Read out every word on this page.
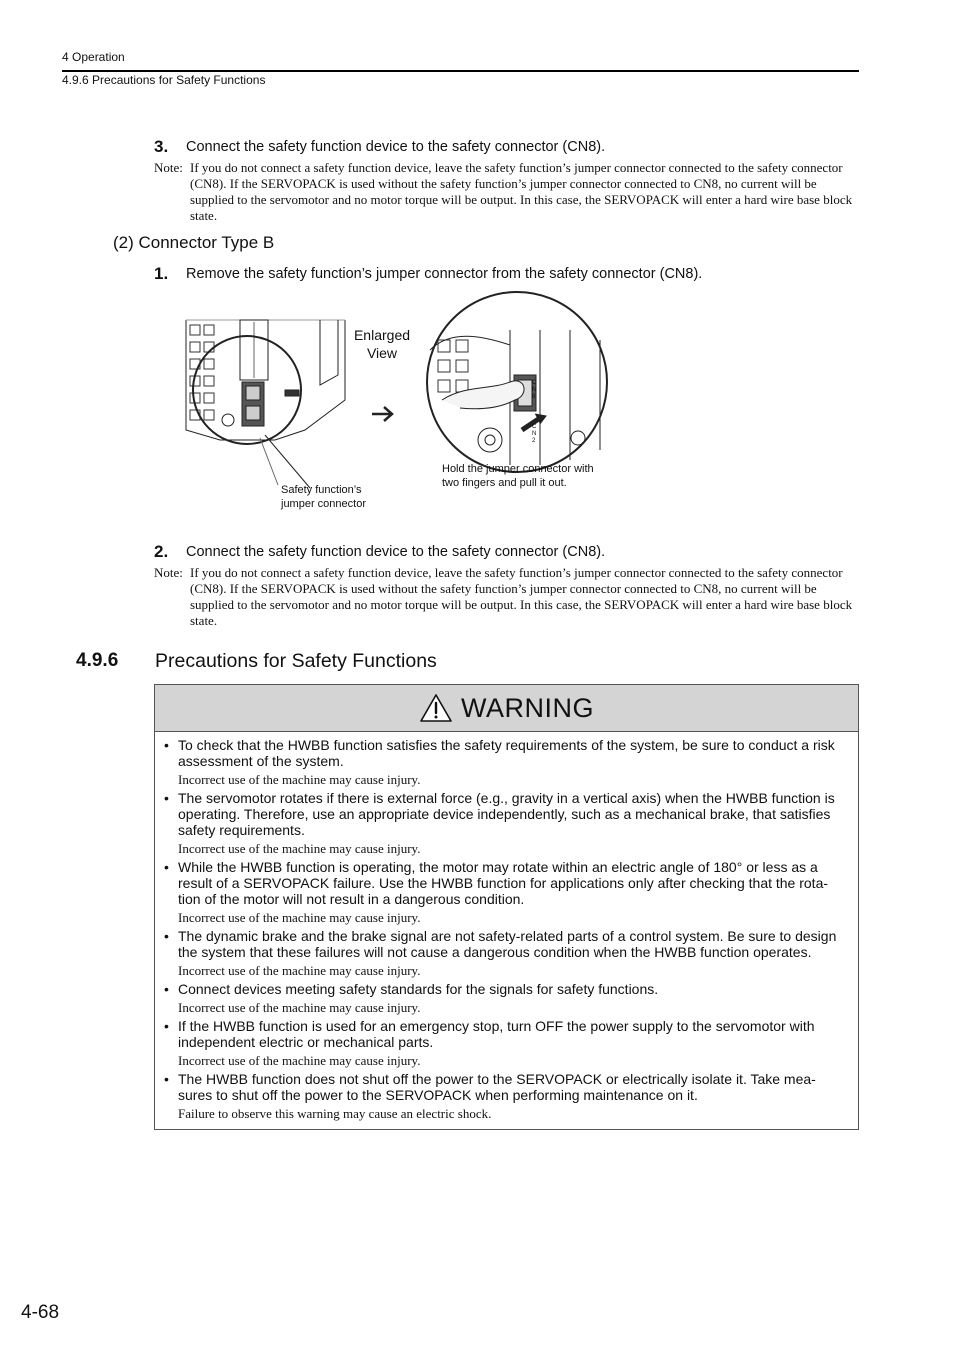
4 Operation
4.9.6 Precautions for Safety Functions
3. Connect the safety function device to the safety connector (CN8).
Note: If you do not connect a safety function device, leave the safety function’s jumper connector connected to the safety connector (CN8). If the SERVOPACK is used without the safety function’s jumper connector connected to CN8, no current will be supplied to the servomotor and no motor torque will be output. In this case, the SERVOPACK will enter a hard wire base block state.
(2) Connector Type B
1. Remove the safety function’s jumper connector from the safety connector (CN8).
Enlarged View
C N 8
C N 2
Hold the jumper connector with two fingers and pull it out.
Safety function’s jumper connector
2. Connect the safety function device to the safety connector (CN8).
Note: If you do not connect a safety function device, leave the safety function’s jumper connector connected to the safety connector (CN8). If the SERVOPACK is used without the safety function’s jumper connector connected to CN8, no current will be supplied to the servomotor and no motor torque will be output. In this case, the SERVOPACK will enter a hard wire base block state.
4.9.6 Precautions for Safety Functions
WARNING
• To check that the HWBB function satisfies the safety requirements of the system, be sure to conduct a risk assessment of the system.
Incorrect use of the machine may cause injury.
• The servomotor rotates if there is external force (e.g., gravity in a vertical axis) when the HWBB function is operating. Therefore, use an appropriate device independently, such as a mechanical brake, that satisfies safety requirements.
Incorrect use of the machine may cause injury.
• While the HWBB function is operating, the motor may rotate within an electric angle of 180° or less as a result of a SERVOPACK failure. Use the HWBB function for applications only after checking that the rota-tion of the motor will not result in a dangerous condition.
Incorrect use of the machine may cause injury.
• The dynamic brake and the brake signal are not safety-related parts of a control system. Be sure to design the system that these failures will not cause a dangerous condition when the HWBB function operates.
Incorrect use of the machine may cause injury.
• Connect devices meeting safety standards for the signals for safety functions.
Incorrect use of the machine may cause injury.
• If the HWBB function is used for an emergency stop, turn OFF the power supply to the servomotor with independent electric or mechanical parts.
Incorrect use of the machine may cause injury.
• The HWBB function does not shut off the power to the SERVOPACK or electrically isolate it. Take mea-sures to shut off the power to the SERVOPACK when performing maintenance on it.
Failure to observe this warning may cause an electric shock.
4-68
